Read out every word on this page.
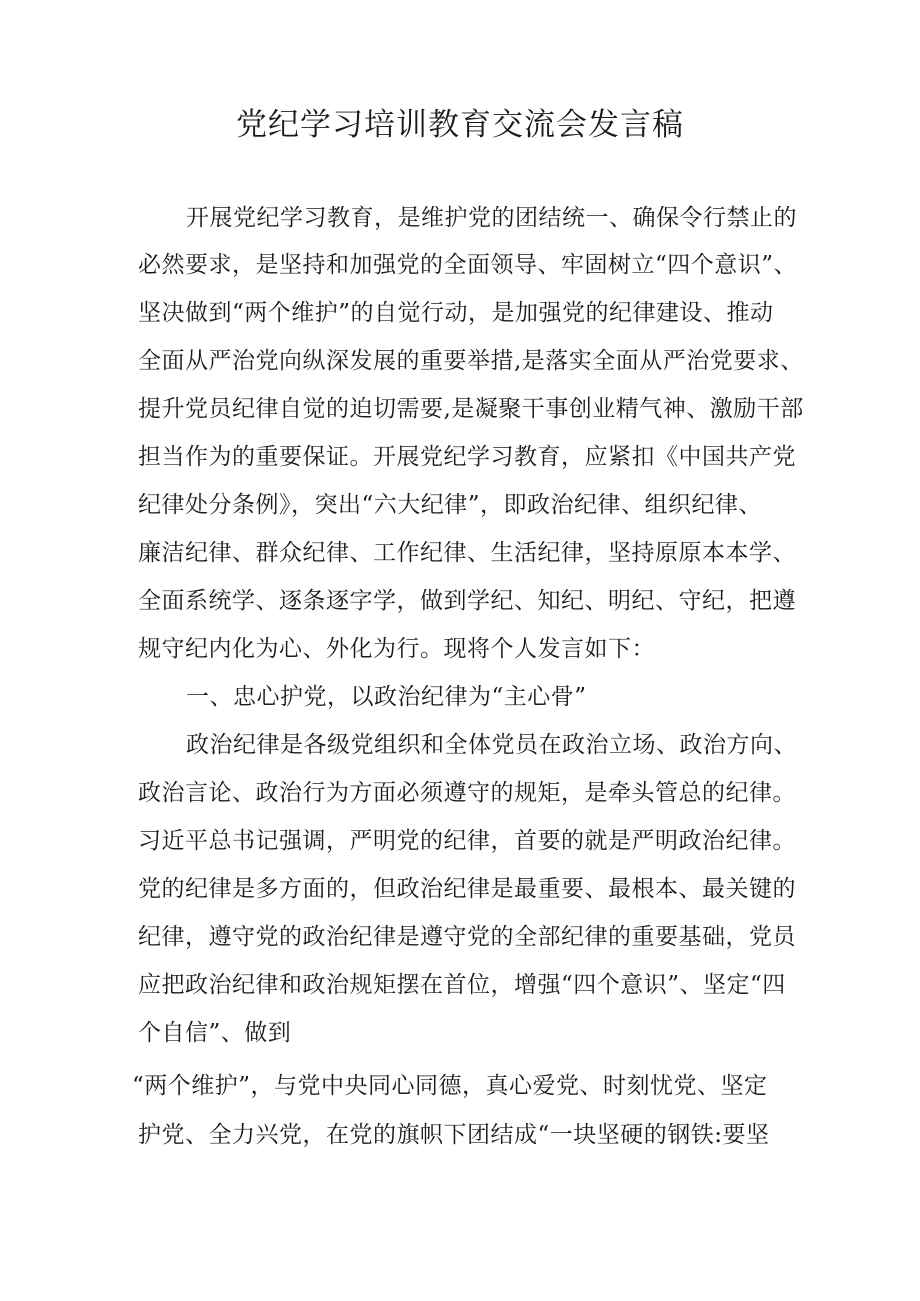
党纪学习培训教育交流会发言稿
开展党纪学习教育，是维护党的团结统一、确保令行禁止的
必然要求，是坚持和加强党的全面领导、牢固树立“四个意识”、
坚决做到“两个维护”的自觉行动，是加强党的纪律建设、推动
全面从严治党向纵深发展的重要举措,是落实全面从严治党要求、
提升党员纪律自觉的迫切需要,是凝聚干事创业精气神、激励干部
担当作为的重要保证。开展党纪学习教育，应紧扣《中国共产党
纪律处分条例》，突出“六大纪律”，即政治纪律、组织纪律、
廉洁纪律、群众纪律、工作纪律、生活纪律，坚持原原本本学、
全面系统学、逐条逐字学，做到学纪、知纪、明纪、守纪，把遵
规守纪内化为心、外化为行。现将个人发言如下：
一、忠心护党，以政治纪律为“主心骨”
政治纪律是各级党组织和全体党员在政治立场、政治方向、
政治言论、政治行为方面必须遵守的规矩，是牵头管总的纪律。
习近平总书记强调，严明党的纪律，首要的就是严明政治纪律。
党的纪律是多方面的，但政治纪律是最重要、最根本、最关键的
纪律，遵守党的政治纪律是遵守党的全部纪律的重要基础，党员
应把政治纪律和政治规矩摆在首位，增强“四个意识”、坚定“四
个自信”、做到
“两个维护”，与党中央同心同德，真心爱党、时刻忧党、坚定
护党、全力兴党，在党的旗帜下团结成“一块坚硬的钢铁:要坚
